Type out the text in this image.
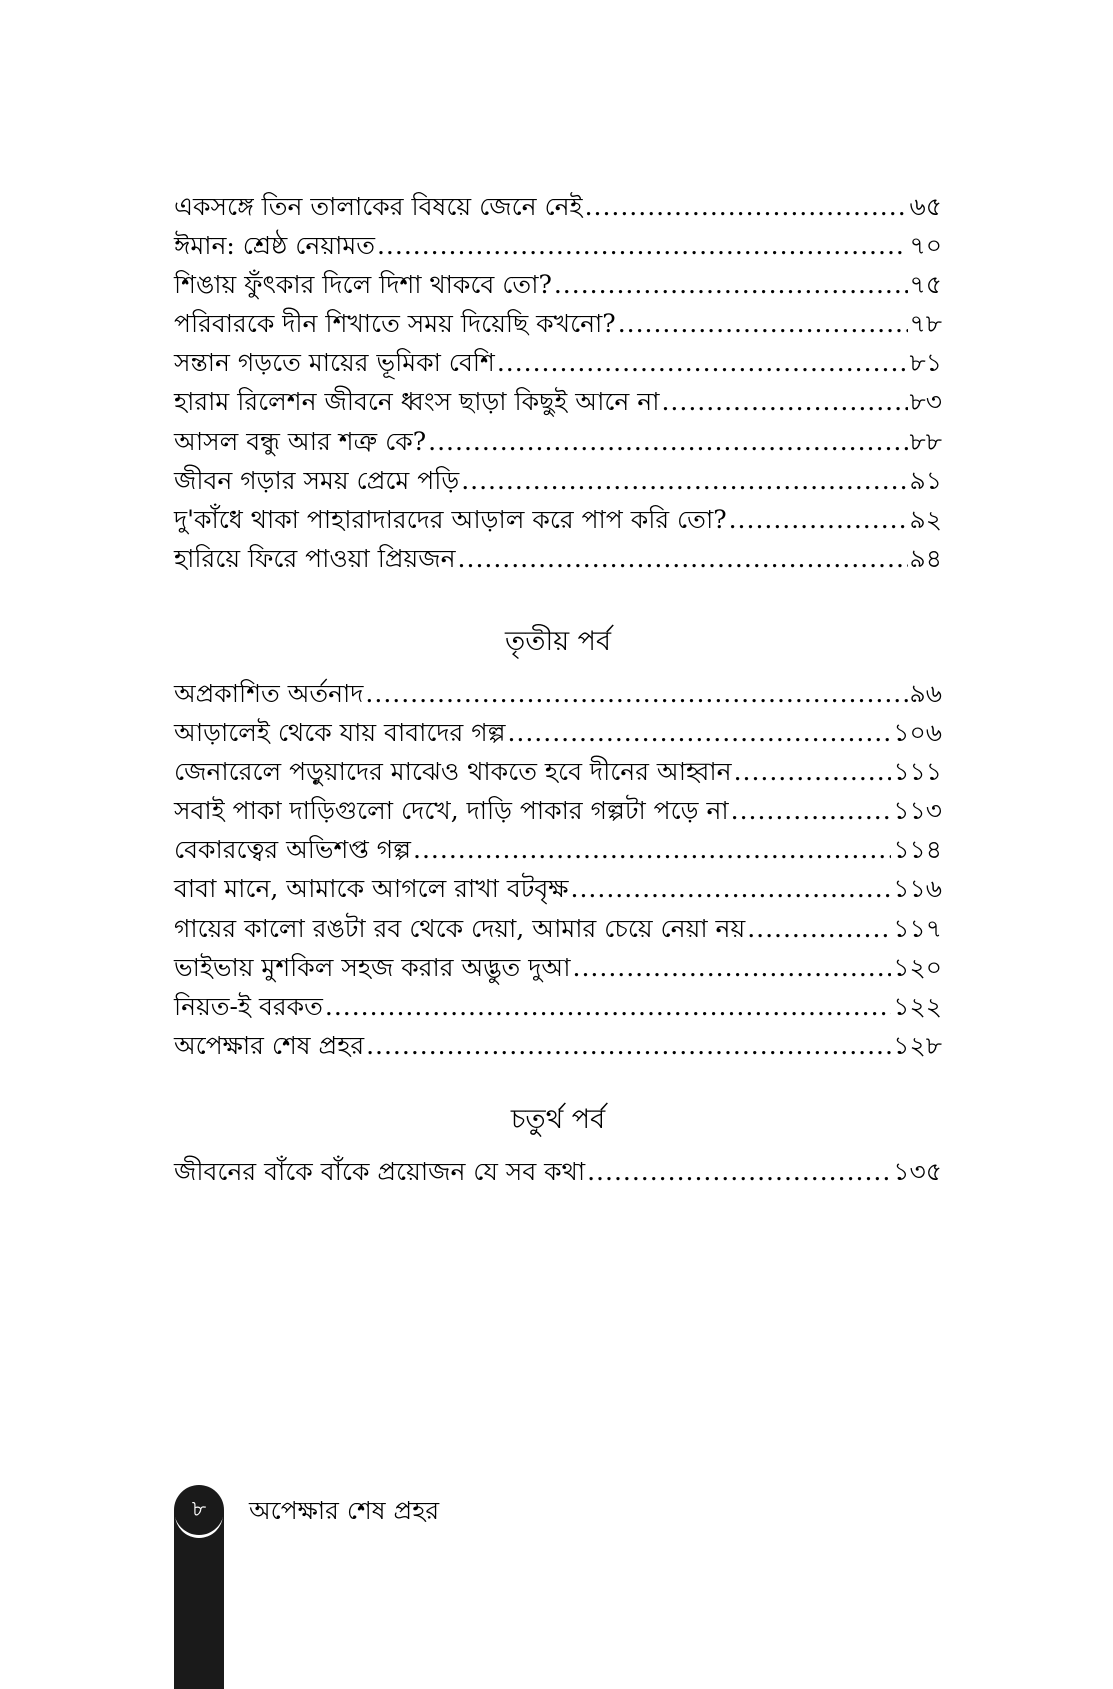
একসঙ্গে তিন তালাকের বিষয়ে জেনে নেই .....	৬৫
ঈমান: শ্রেষ্ঠ নেয়ামত .....	৭০
শিঙায় ফুঁৎকার দিলে দিশা থাকবে তো? .....	৭৫
পরিবারকে দীন শিখাতে সময় দিয়েছি কখনো? .....	৭৮
সন্তান গড়তে মায়ের ভূমিকা বেশি .....	৮১
হারাম রিলেশন জীবনে ধ্বংস ছাড়া কিছুই আনে না .....	৮৩
আসল বন্ধু আর শত্রু কে? .....	৮৮
জীবন গড়ার সময় প্রেমে পড়ি .....	৯১
দু'কাঁধে থাকা পাহারাদারদের আড়াল করে পাপ করি তো? .....	৯২
হারিয়ে ফিরে পাওয়া প্রিয়জন .....	৯৪
তৃতীয় পর্ব
অপ্রকাশিত অর্তনাদ .....	৯৬
আড়ালেই থেকে যায় বাবাদের গল্প .....	১০৬
জেনারেলে পড়ুয়াদের মাঝেও থাকতে হবে দীনের আহ্বান .....	১১১
সবাই পাকা দাড়িগুলো দেখে, দাড়ি পাকার গল্পটা পড়ে না .....	১১৩
বেকারত্বের অভিশপ্ত গল্প .....	১১৪
বাবা মানে, আমাকে আগলে রাখা বটবৃক্ষ .....	১১৬
গায়ের কালো রঙটা রব থেকে দেয়া, আমার চেয়ে নেয়া নয় .....	১১৭
ভাইভায় মুশকিল সহজ করার অদ্ভুত দুআ .....	১২০
নিয়ত-ই বরকত .....	১২২
অপেক্ষার শেষ প্রহর .....	১২৮
চতুর্থ পর্ব
জীবনের বাঁকে বাঁকে প্রয়োজন যে সব কথা .....	১৩৫
৮	অপেক্ষার শেষ প্রহর
